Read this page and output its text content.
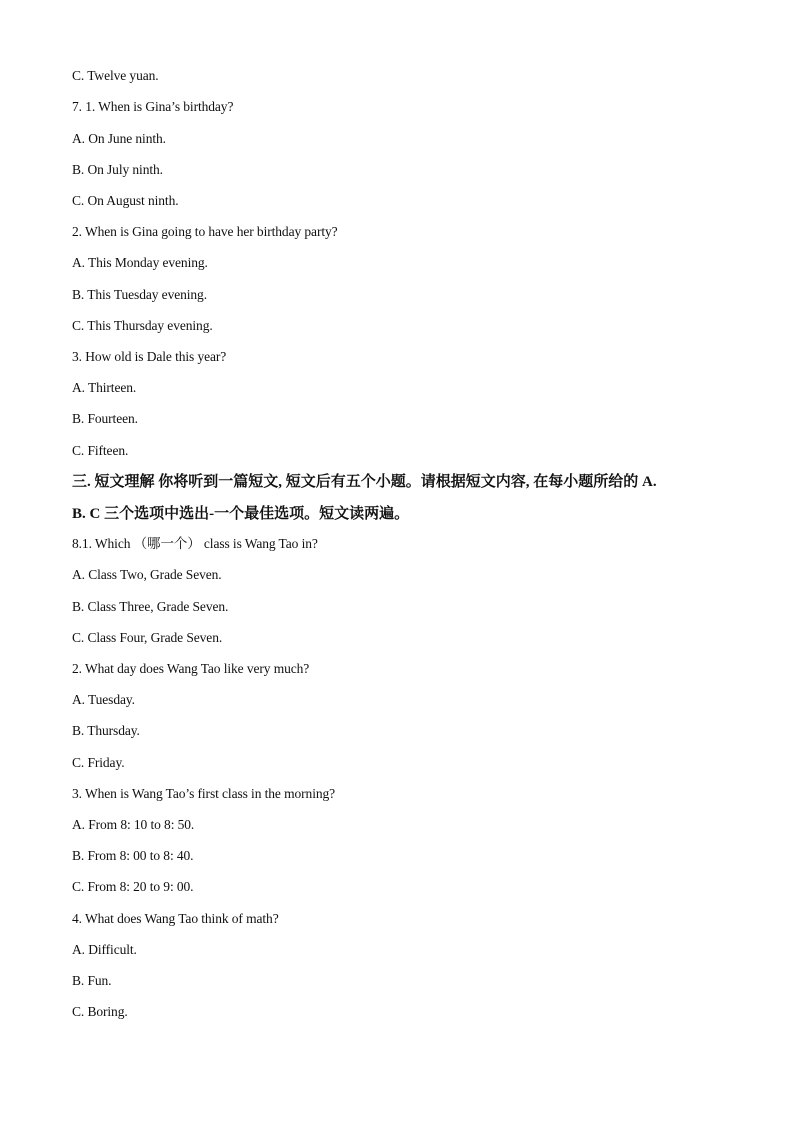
C. Twelve yuan.
7. 1. When is Gina’s birthday?
A. On June ninth.
B. On July ninth.
C. On August ninth.
2. When is Gina going to have her birthday party?
A. This Monday evening.
B. This Tuesday evening.
C. This Thursday evening.
3. How old is Dale this year?
A. Thirteen.
B. Fourteen.
C. Fifteen.
三. 短文理解 你将听到一篇短文, 短文后有五个小题。请根据短文内容, 在每小题所给的 A.
B. C 三个选项中选出-一个最佳选项。短文读两遍。
8.1. Which （哪一个） class is Wang Tao in?
A. Class Two, Grade Seven.
B. Class Three, Grade Seven.
C. Class Four, Grade Seven.
2. What day does Wang Tao like very much?
A. Tuesday.
B. Thursday.
C. Friday.
3. When is Wang Tao’s first class in the morning?
A. From 8: 10 to 8: 50.
B. From 8: 00 to 8: 40.
C. From 8: 20 to 9: 00.
4. What does Wang Tao think of math?
A. Difficult.
B. Fun.
C. Boring.
